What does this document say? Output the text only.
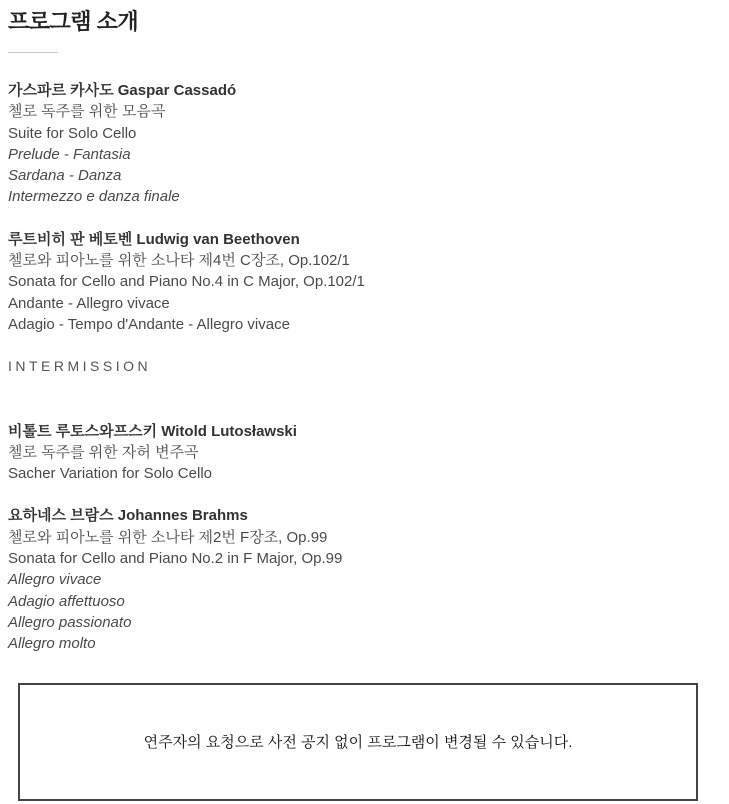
프로그램 소개
가스파르 카사도 Gaspar Cassadó
첼로 독주를 위한 모음곡
Suite for Solo Cello
Prelude - Fantasia
Sardana - Danza
Intermezzo e danza finale
루트비히 판 베토벤 Ludwig van Beethoven
첼로와 피아노를 위한 소나타 제4번 C장조, Op.102/1
Sonata for Cello and Piano No.4 in C Major, Op.102/1
Andante - Allegro vivace
Adagio - Tempo d'Andante - Allegro vivace

INTERMISSION

비톨트 루토스와프스키 Witold Lutosławski
첼로 독주를 위한 자허 변주곡
Sacher Variation for Solo Cello
요하네스 브람스 Johannes Brahms
첼로와 피아노를 위한 소나타 제2번 F장조, Op.99
Sonata for Cello and Piano No.2 in F Major, Op.99
Allegro vivace
Adagio affettuoso
Allegro passionato
Allegro molto
연주자의 요청으로 사전 공지 없이 프로그램이 변경될 수 있습니다.
